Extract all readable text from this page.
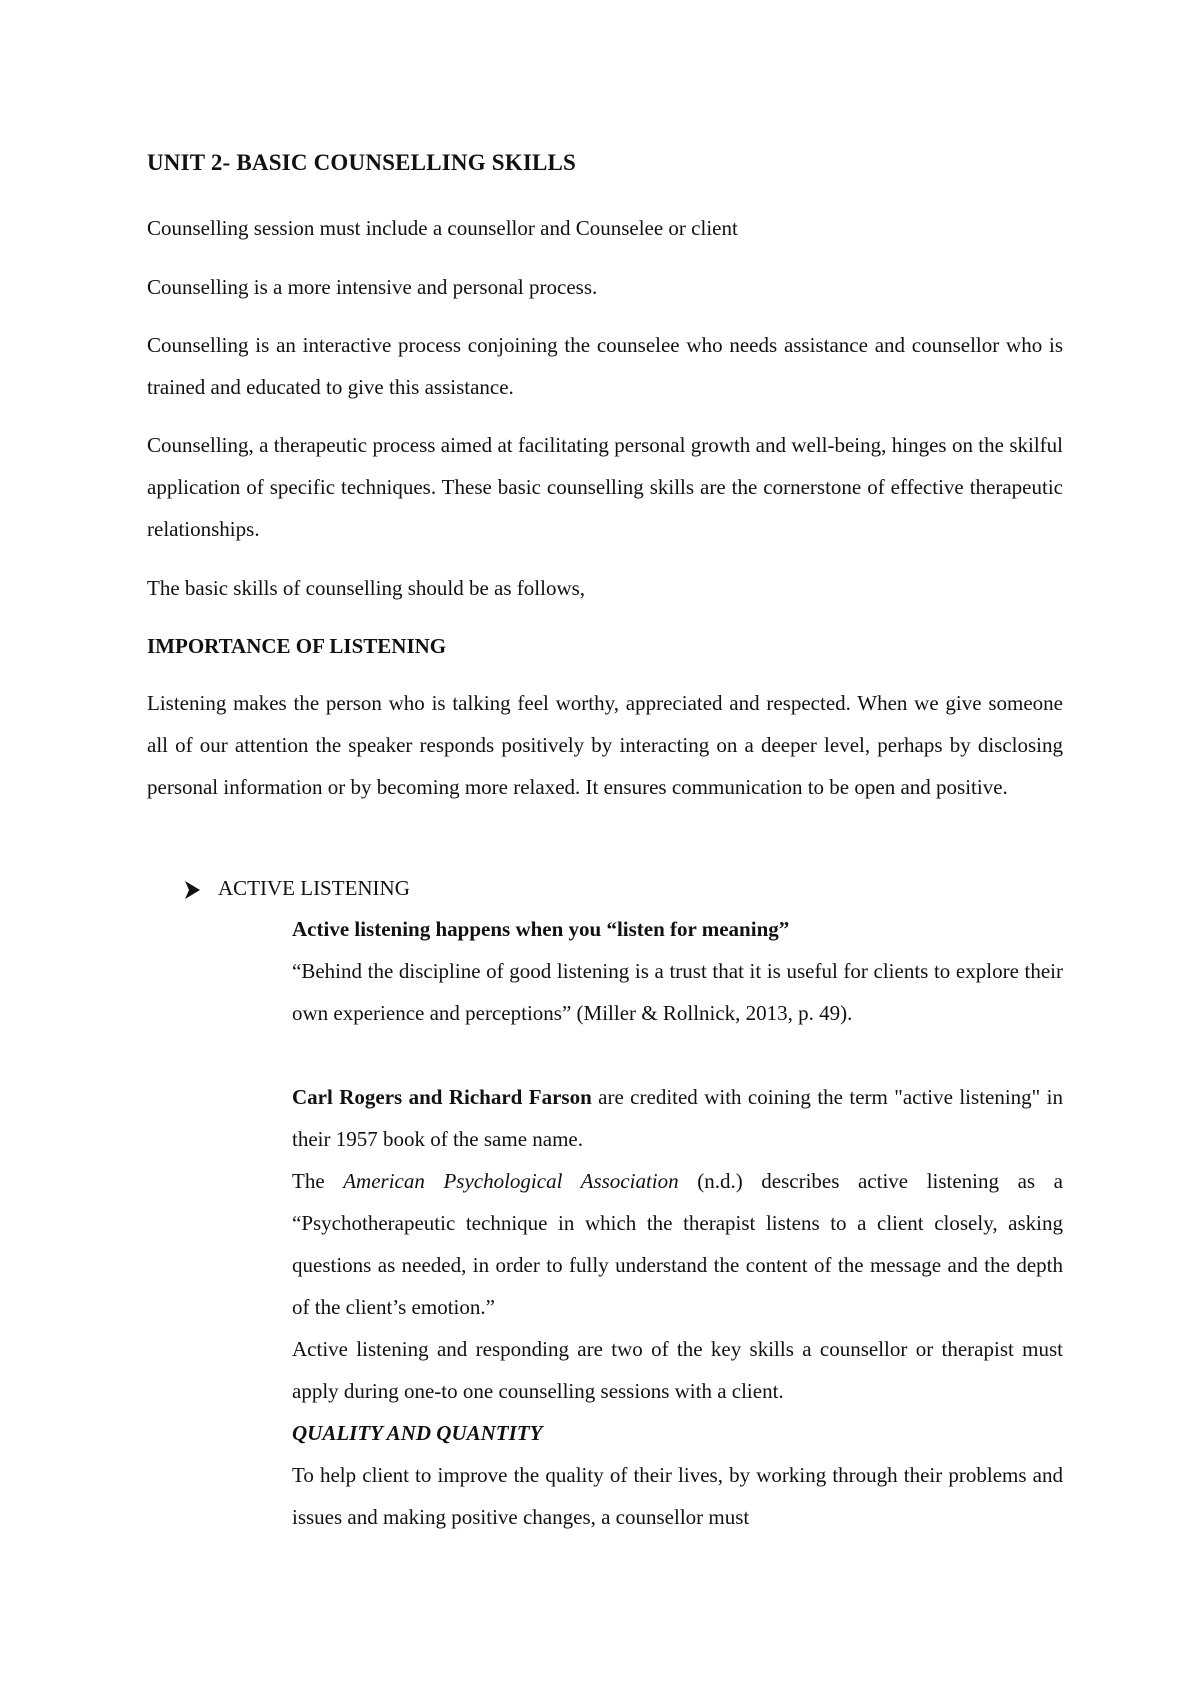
UNIT 2- BASIC COUNSELLING SKILLS
Counselling session must include a counsellor and Counselee or client
Counselling is a more intensive and personal process.
Counselling is an interactive process conjoining the counselee who needs assistance and counsellor who is trained and educated to give this assistance.
Counselling, a therapeutic process aimed at facilitating personal growth and well-being, hinges on the skilful application of specific techniques. These basic counselling skills are the cornerstone of effective therapeutic relationships.
The basic skills of counselling should be as follows,
IMPORTANCE OF LISTENING
Listening makes the person who is talking feel worthy, appreciated and respected. When we give someone all of our attention the speaker responds positively by interacting on a deeper level, perhaps by disclosing personal information or by becoming more relaxed. It ensures communication to be open and positive.
ACTIVE LISTENING
Active listening happens when you “listen for meaning”
“Behind the discipline of good listening is a trust that it is useful for clients to explore their own experience and perceptions” (Miller & Rollnick, 2013, p. 49).
Carl Rogers and Richard Farson are credited with coining the term "active listening" in their 1957 book of the same name.
The American Psychological Association (n.d.) describes active listening as a “Psychotherapeutic technique in which the therapist listens to a client closely, asking questions as needed, in order to fully understand the content of the message and the depth of the client’s emotion.”
Active listening and responding are two of the key skills a counsellor or therapist must apply during one-to one counselling sessions with a client.
QUALITY AND QUANTITY
To help client to improve the quality of their lives, by working through their problems and issues and making positive changes, a counsellor must
